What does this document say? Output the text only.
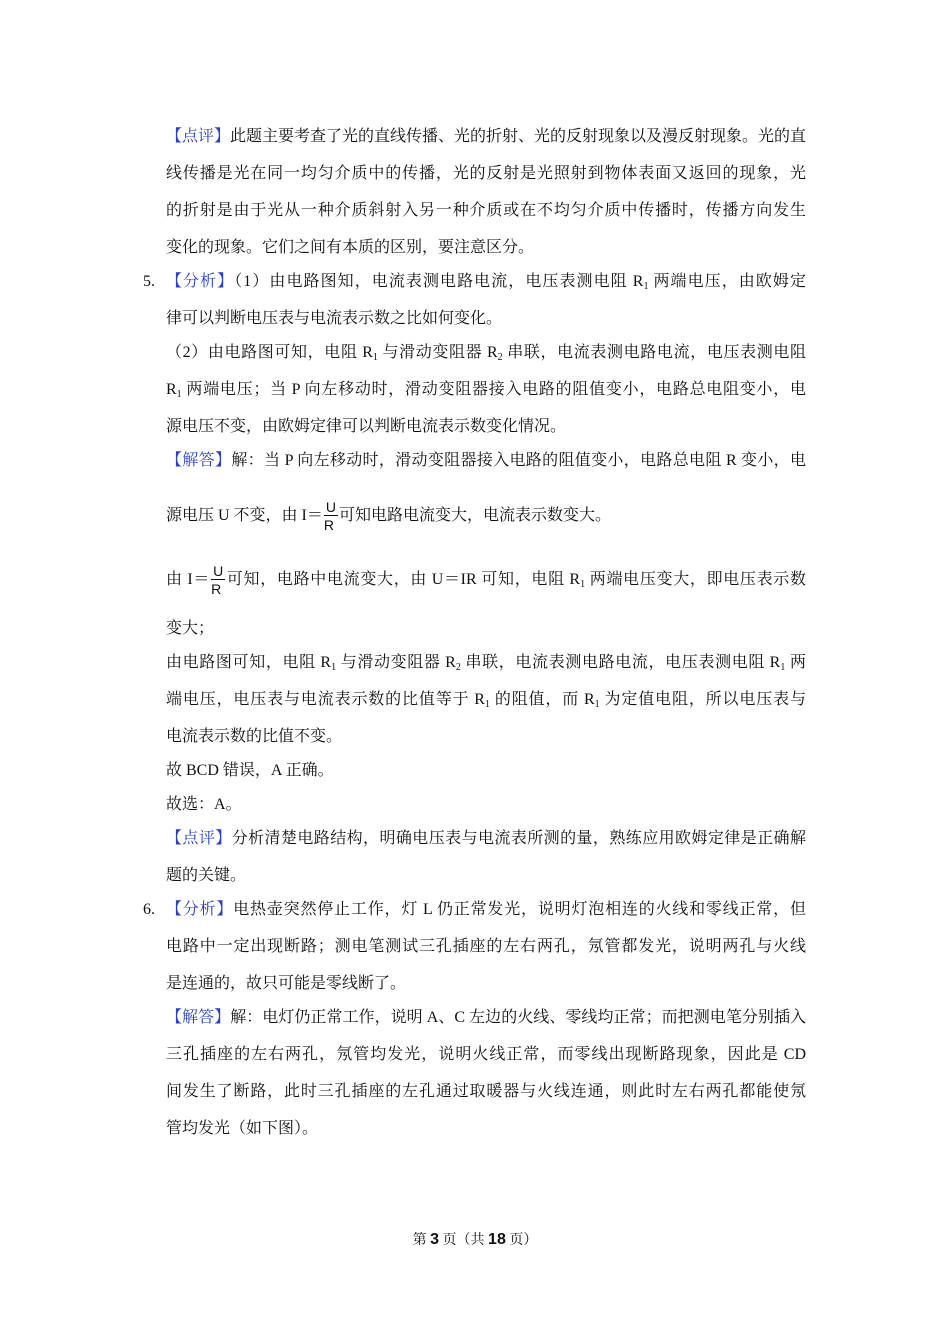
【点评】此题主要考查了光的直线传播、光的折射、光的反射现象以及漫反射现象。光的直
线传播是光在同一均匀介质中的传播，光的反射是光照射到物体表面又返回的现象，光
的折射是由于光从一种介质斜射入另一种介质或在不均匀介质中传播时，传播方向发生
变化的现象。它们之间有本质的区别，要注意区分。
5. 【分析】（1）由电路图知，电流表测电路电流，电压表测电阻 $R_1$ 两端电压，由欧姆定
律可以判断电压表与电流表示数之比如何变化。
（2）由电路图可知，电阻 $R_1$ 与滑动变阻器 $R_2$ 串联，电流表测电路电流，电压表测电阻
$R_1$ 两端电压；当 P 向左移动时，滑动变阻器接入电路的阻值变小，电路总电阻变小，电
源电压不变，由欧姆定律可以判断电流表示数变化情况。
【解答】解：当 P 向左移动时，滑动变阻器接入电路的阻值变小，电路总电阻 R 变小，电
源电压 U 不变，由 $I= \frac{U}{R}$ 可知电路电流变大，电流表示数变大。
由 $I= \frac{U}{R}$ 可知，电路中电流变大，由 U＝IR 可知，电阻 $R_1$ 两端电压变大，即电压表示数
变大；
由电路图可知，电阻 $R_1$ 与滑动变阻器 $R_2$ 串联，电流表测电路电流，电压表测电阻 $R_1$ 两
端电压，电压表与电流表示数的比值等于 $R_1$ 的阻值，而 $R_1$ 为定值电阻，所以电压表与
电流表示数的比值不变。
故 BCD 错误，A 正确。
故选：A。
【点评】分析清楚电路结构，明确电压表与电流表所测的量，熟练应用欧姆定律是正确解
题的关键。
6. 【分析】电热壶突然停止工作，灯 L 仍正常发光，说明灯泡相连的火线和零线正常，但
电路中一定出现断路；测电笔测试三孔插座的左右两孔，氖管都发光，说明两孔与火线
是连通的，故只可能是零线断了。
【解答】解：电灯仍正常工作，说明 A、C 左边的火线、零线均正常；而把测电笔分别插入
三孔插座的左右两孔，氖管均发光，说明火线正常，而零线出现断路现象，因此是 CD
间发生了断路，此时三孔插座的左孔通过取暖器与火线连通，则此时左右两孔都能使氖
管均发光（如下图）。
第 3 页（共 18 页）
